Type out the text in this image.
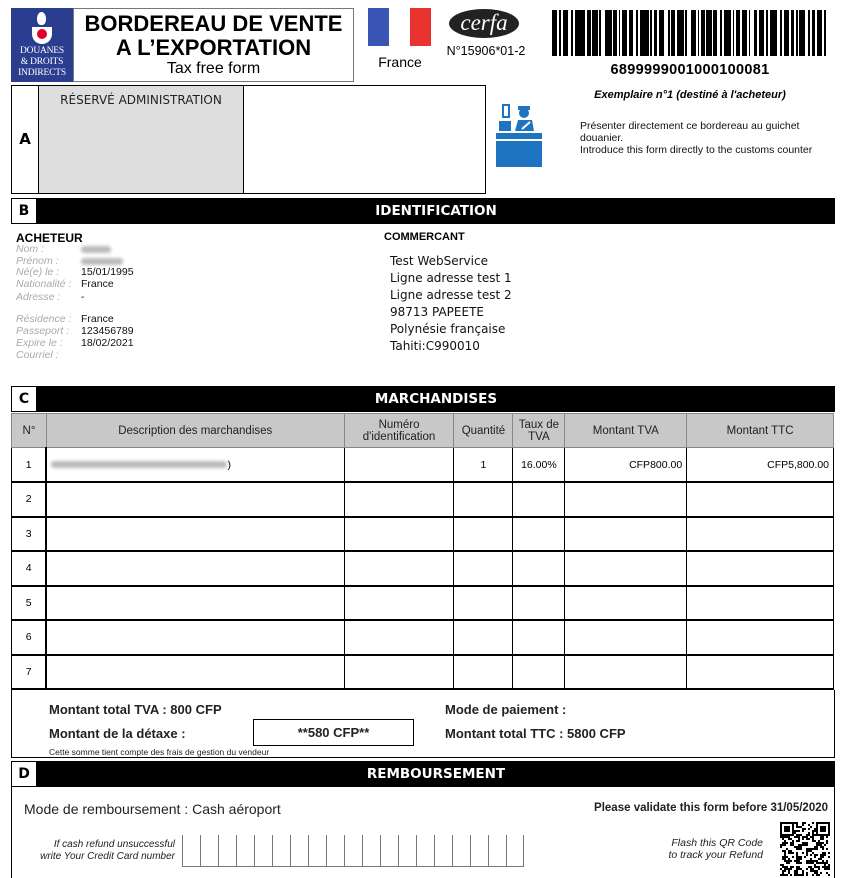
DOUANES
& DROITS
INDIRECTS
BORDEREAU DE VENTE
A L’EXPORTATION
Tax free form	France
cerfa
N°15906*01-2
6899999001000100081
Exemplaire n°1 (destiné à l'acheteur)
A
RÉSERVÉ ADMINISTRATION
Présenter directement ce bordereau au guichet
douanier.
Introduce this form directly to the customs counter
B	IDENTIFICATION
ACHETEUR
Nom :
Prénom :
Né(e) le : 15/01/1995
Nationalité : France
Adresse : -
Résidence : France
Passeport : 123456789
Expire le : 18/02/2021
Courriel :
COMMERCANT
Test WebService
Ligne adresse test 1
Ligne adresse test 2
98713 PAPEETE
Polynésie française
Tahiti:C990010
C	MARCHANDISES
N°	Description des marchandises	Numéro d'identification	Quantité	Taux de TVA	Montant TVA	Montant TTC
1	)		1	16.00%	CFP800.00	CFP5,800.00
2						
3						
4						
5						
6						
7						
Montant total TVA : 800 CFP
Montant de la détaxe :	**580 CFP**
Cette somme tient compte des frais de gestion du vendeur
Mode de paiement :
Montant total TTC : 5800 CFP
D	REMBOURSEMENT
Mode de remboursement : Cash aéroport	Please validate this form before 31/05/2020
If cash refund unsuccessful
write Your Credit Card number
Flash this QR Code
to track your Refund
